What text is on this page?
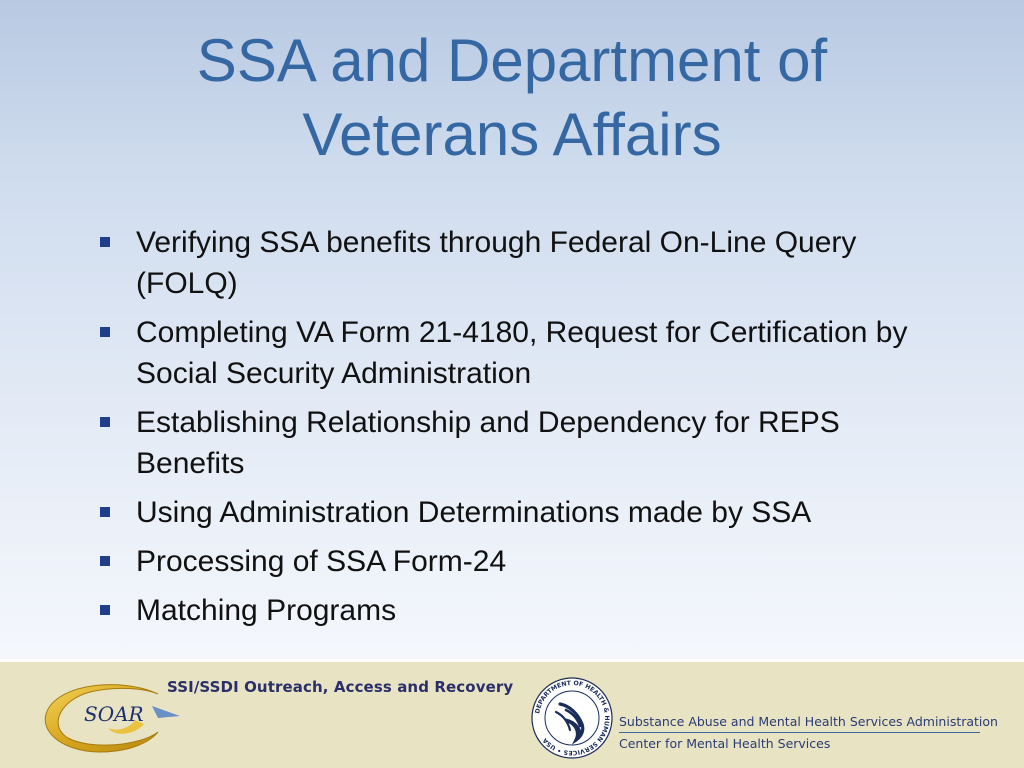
SSA and Department of
Veterans Affairs
Verifying SSA benefits through Federal On-Line Query (FOLQ)
Completing VA Form 21-4180, Request for Certification by Social Security Administration
Establishing Relationship and Dependency for REPS Benefits
Using Administration Determinations made by SSA
Processing of SSA Form-24
Matching Programs
SOAR
SSI/SSDI Outreach, Access and Recovery
DEPARTMENT OF HEALTH & HUMAN SERVICES • USA
Substance Abuse and Mental Health Services Administration
Center for Mental Health Services
